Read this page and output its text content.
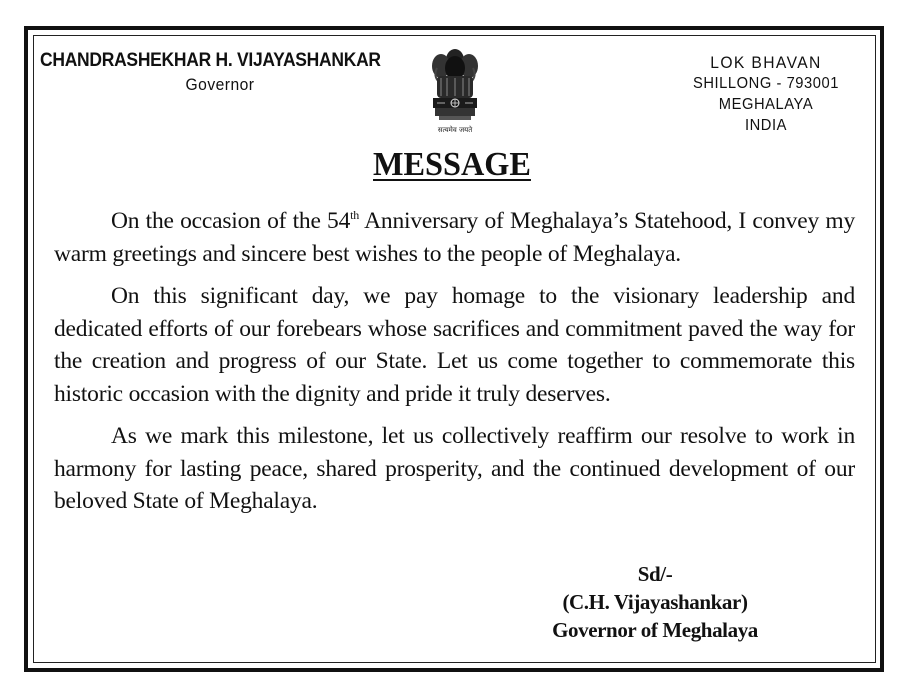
CHANDRASHEKHAR H. VIJAYASHANKAR
Governor
सत्यमेव जयते
LOK BHAVAN
SHILLONG - 793001
MEGHALAYA
INDIA
MESSAGE

On the occasion of the 54th Anniversary of Meghalaya’s Statehood, I convey my warm greetings and sincere best wishes to the people of Meghalaya.

On this significant day, we pay homage to the visionary leadership and dedicated efforts of our forebears whose sacrifices and commitment paved the way for the creation and progress of our State. Let us come together to commemorate this historic occasion with the dignity and pride it truly deserves.

As we mark this milestone, let us collectively reaffirm our resolve to work in harmony for lasting peace, shared prosperity, and the continued development of our beloved State of Meghalaya.

Sd/-
(C.H. Vijayashankar)
Governor of Meghalaya
